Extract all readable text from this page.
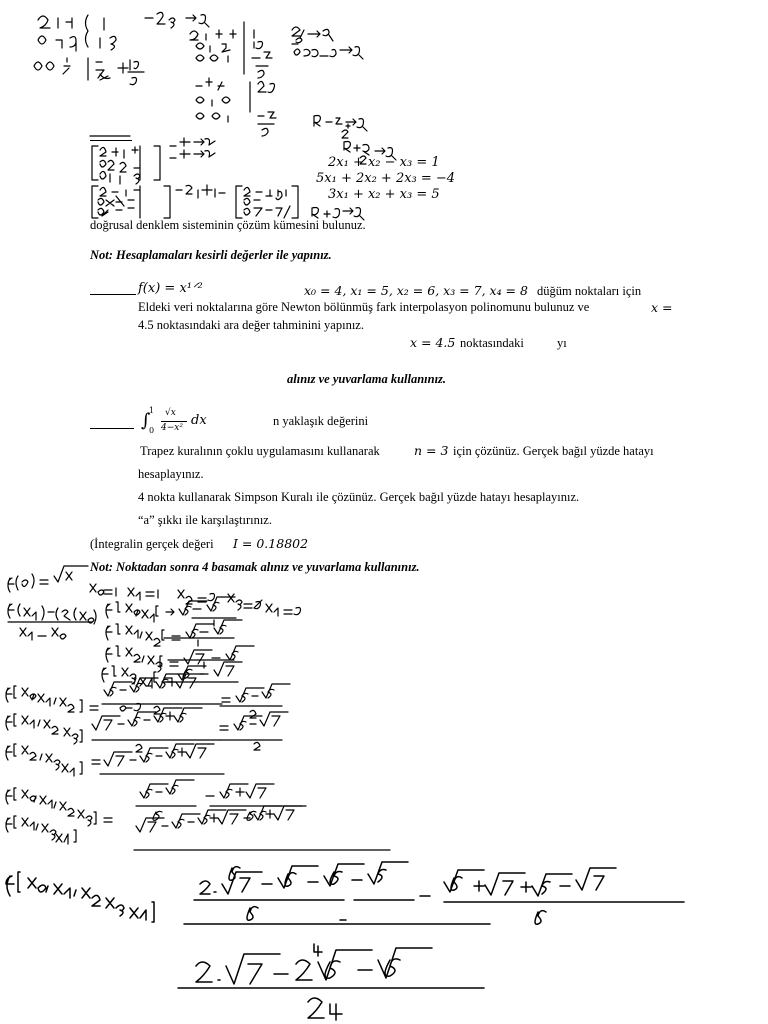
2x₁ + x₂ − x₃ = 1
5x₁ + 2x₂ + 2x₃ = −4
3x₁ + x₂ + x₃ = 5
doğrusal denklem sisteminin çözüm kümesini bulunuz.
Not: Hesaplamaları kesirli değerler ile yapınız.
f(x) = x¹ᐟ²	x₀ = 4, x₁ = 5, x₂ = 6, x₃ = 7, x₄ = 8 düğüm noktaları için
Eldeki veri noktalarına göre Newton bölünmüş fark interpolasyon polinomunu bulunuz ve	x =
4.5 noktasındaki ara değer tahminini yapınız.
x = 4.5 noktasındaki	yı
alınız ve yuvarlama kullanınız.
∫
1
0
√x
4−x² dx	n yaklaşık değerini
Trapez kuralının çoklu uygulamasını kullanarak	n = 3 için çözünüz. Gerçek bağıl yüzde hatayı
hesaplayınız.
4 nokta kullanarak Simpson Kuralı ile çözünüz. Gerçek bağıl yüzde hatayı hesaplayınız.
“a” şıkkı ile karşılaştırınız.
(İntegralin gerçek değeri I = 0.18802
Not: Noktadan sonra 4 basamak alınız ve yuvarlama kullanınız.
